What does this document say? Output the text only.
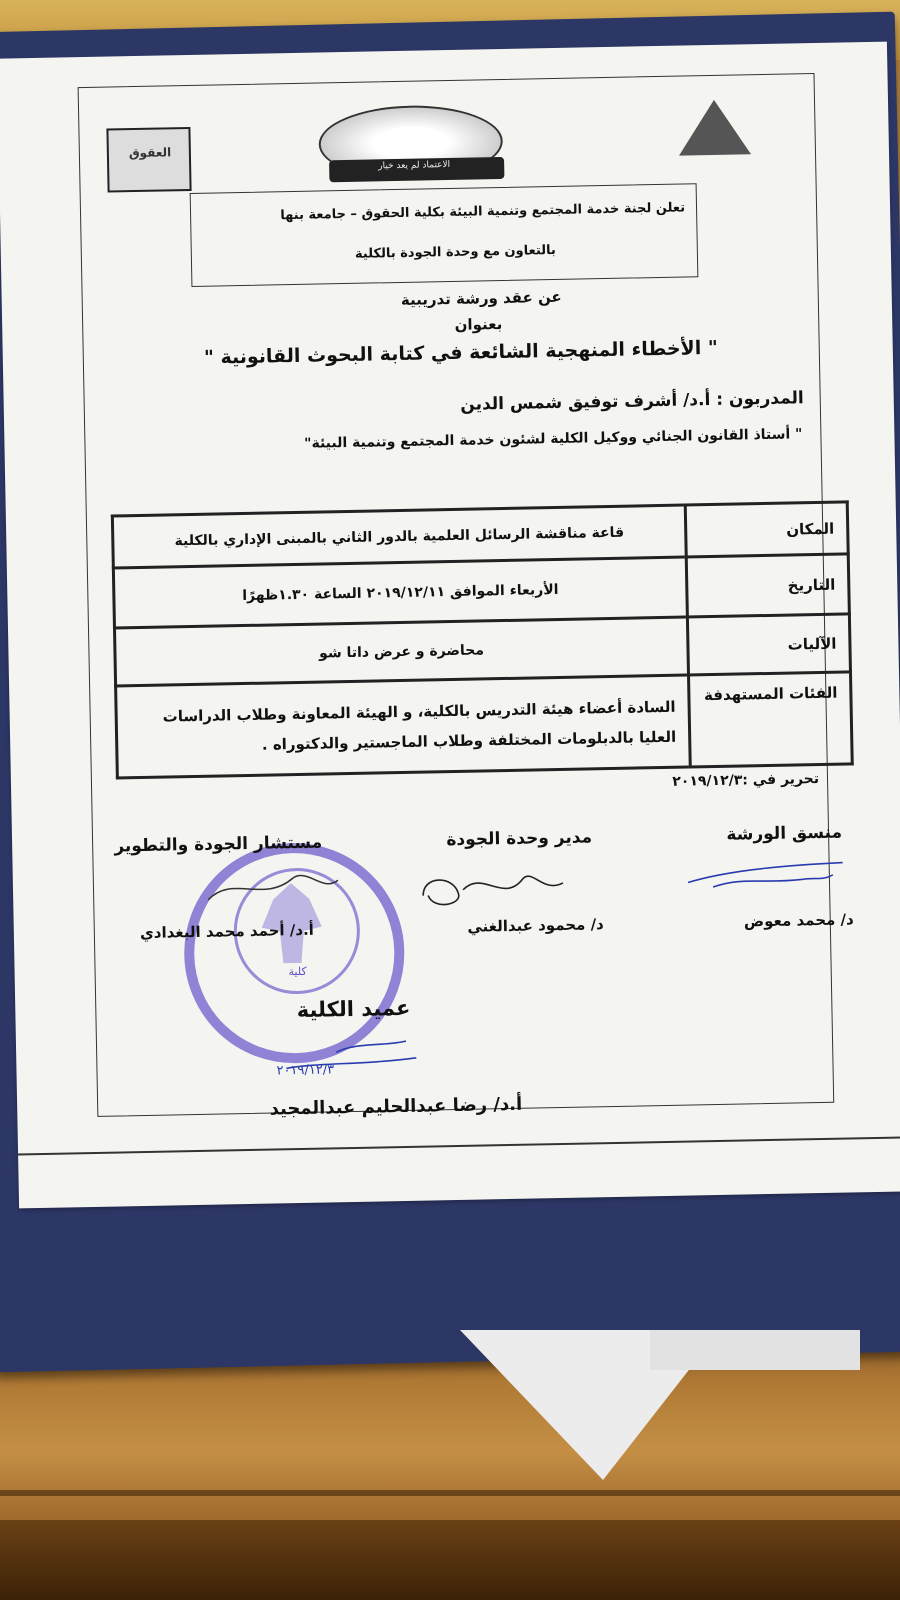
العقوق
الاعتماد لم يعد خيار
تعلن لجنة خدمة المجتمع وتنمية البيئة بكلية الحقوق – جامعة بنها
بالتعاون مع وحدة الجودة بالكلية
عن عقد ورشة تدريبية
بعنوان
" الأخطاء المنهجية الشائعة في كتابة البحوث القانونية "
المدربون : أ.د/ أشرف توفيق شمس الدين
" أستاذ القانون الجنائي ووكيل الكلية لشئون خدمة المجتمع وتنمية البيئة"
المكان	قاعة مناقشة الرسائل العلمية بالدور الثاني بالمبنى الإداري بالكلية
التاريخ	الأربعاء الموافق ٢٠١٩/١٢/١١ الساعة ١.٣٠ظهرًا
الآليات	محاضرة و عرض داتا شو
الفئات المستهدفة	السادة أعضاء هيئة التدريس بالكلية، و الهيئة المعاونة وطلاب الدراسات العليا بالدبلومات المختلفة وطلاب الماجستير والدكتوراه .
تحرير في :٢٠١٩/١٢/٣
كلية
منسق الورشة
مدير وحدة الجودة
مستشار الجودة والتطوير
د/ محمد معوض
د/ محمود عبدالغني
أ.د/ أحمد محمد البغدادي
عميد الكلية
٢٠١٩/١٢/٣
أ.د/ رضا عبدالحليم عبدالمجيد
